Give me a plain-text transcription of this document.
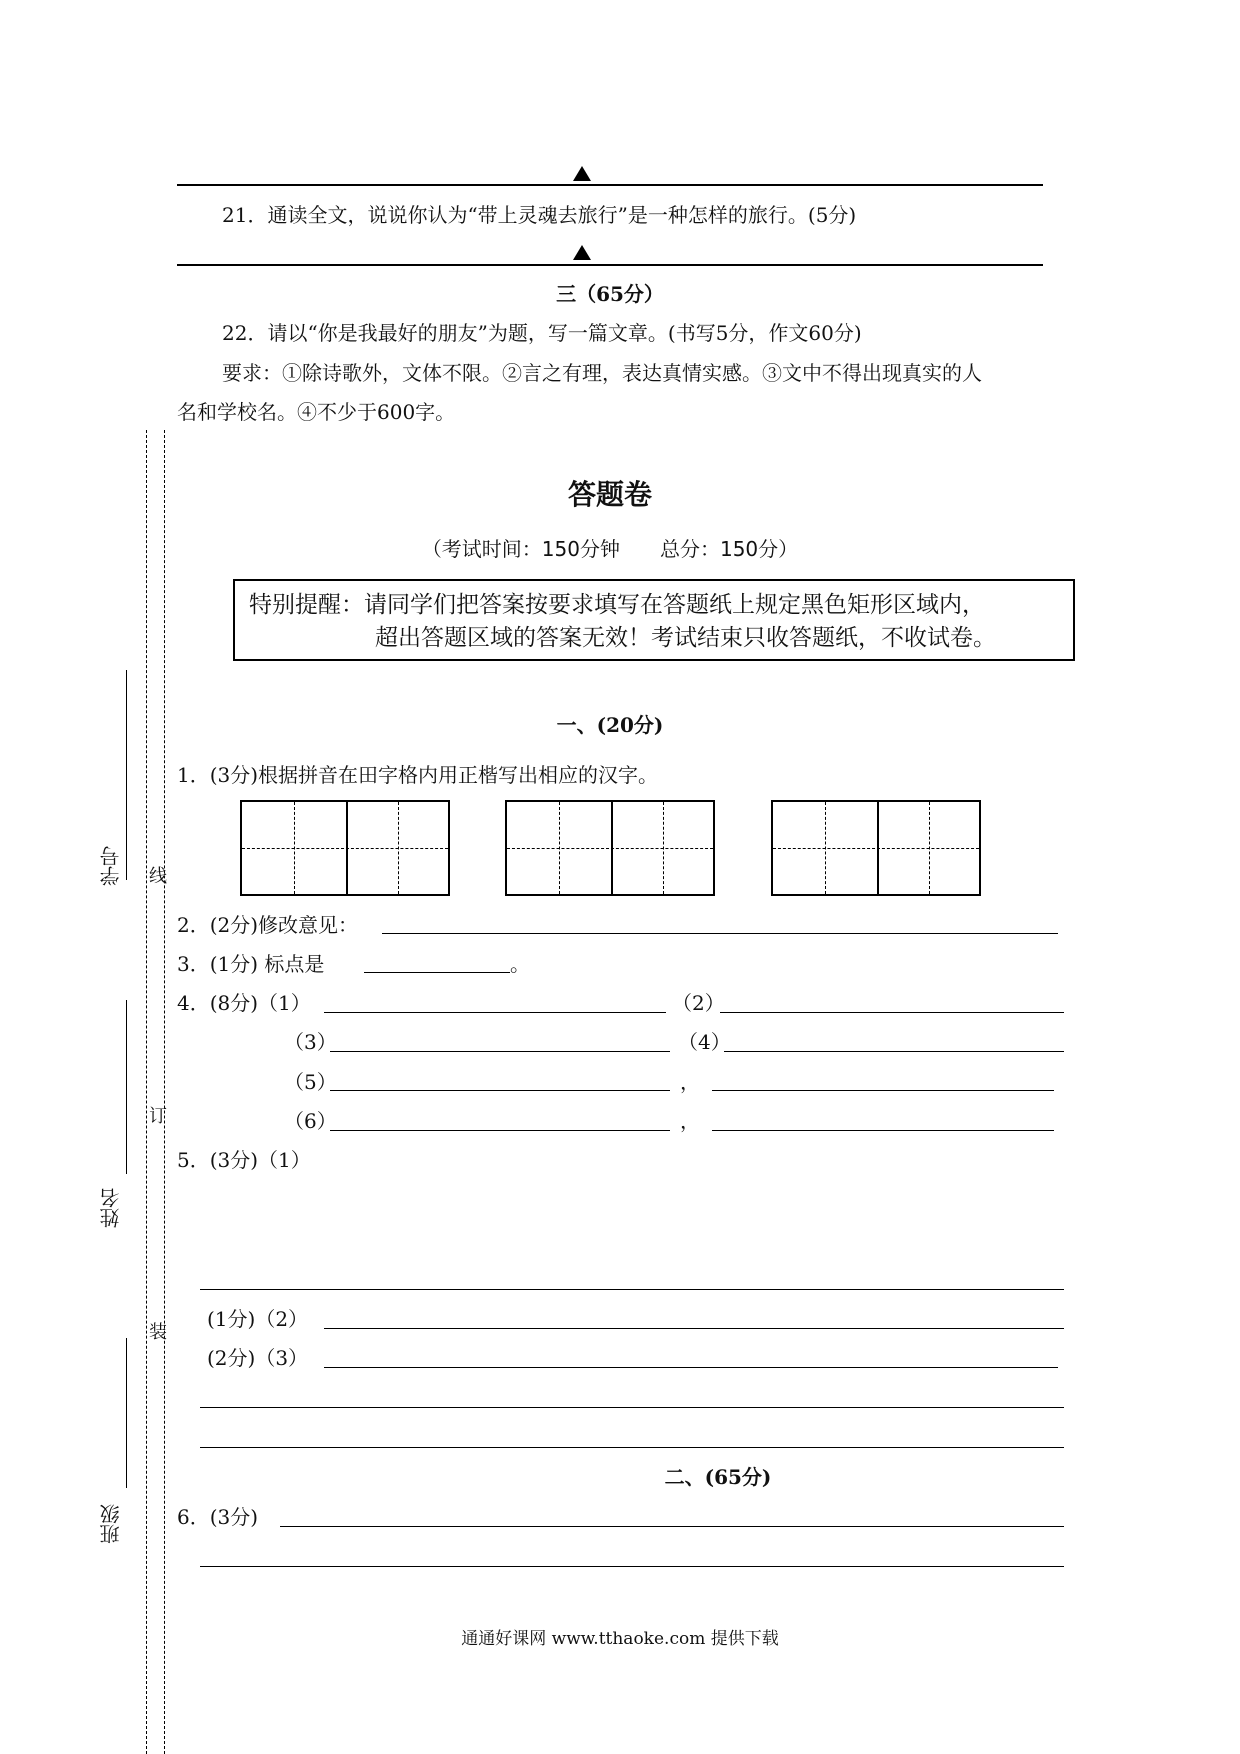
21．通读全文，说说你认为“带上灵魂去旅行”是一种怎样的旅行。(5分)
三（65分）
22．请以“你是我最好的朋友”为题，写一篇文章。(书写5分，作文60分)
要求：①除诗歌外，文体不限。②言之有理，表达真情实感。③文中不得出现真实的人
名和学校名。④不少于600字。
学号 线
姓名
订
装
班级
答题卷
（考试时间：150分钟　　总分：150分）
特别提醒：请同学们把答案按要求填写在答题纸上规定黑色矩形区域内，
超出答题区域的答案无效！考试结束只收答题纸，不收试卷。
一、(20分)
1．(3分)根据拼音在田字格内用正楷写出相应的汉字。
2．(2分)修改意见：
3．(1分) 标点是	。
4．(8分)（1）	（2）
（3）	（4）
（5）	，
（6）	，
5．(3分)（1）
(1分)（2）
(2分)（3）
二、(65分)
6．(3分)
通通好课网 www.tthaoke.com 提供下载
